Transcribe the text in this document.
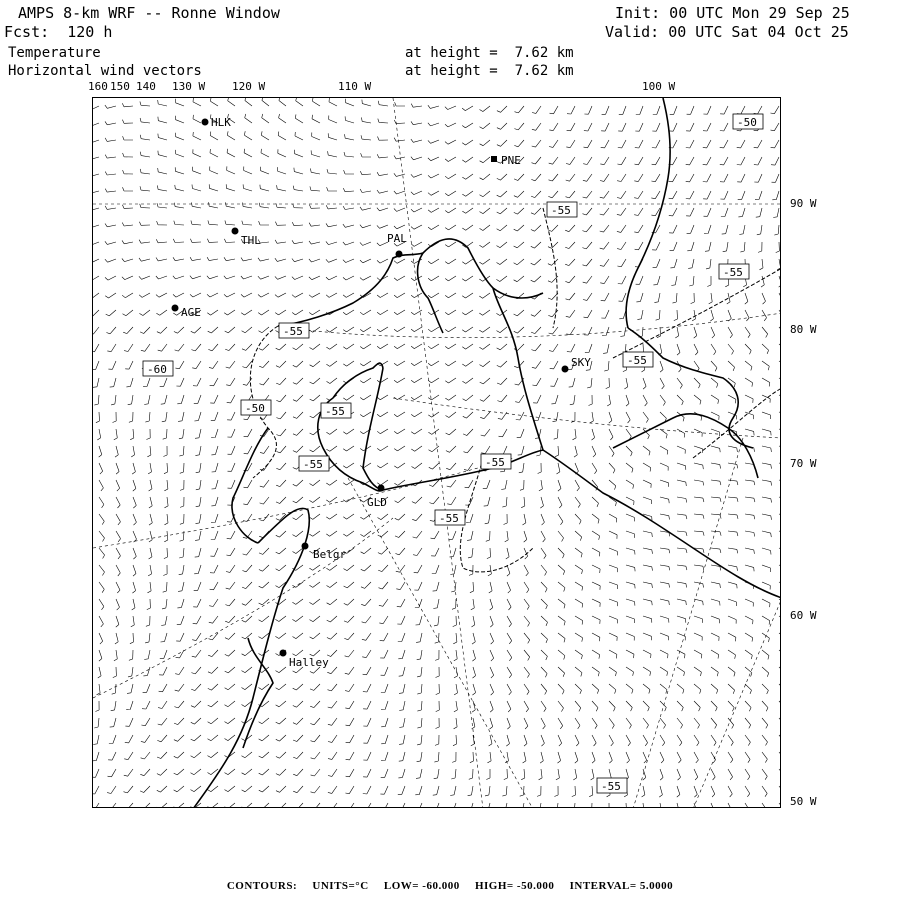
AMPS 8-km WRF -- Ronne Window
Fcst:  120 h
Temperature
Horizontal wind vectors
Init: 00 UTC Mon 29 Sep 25
Valid: 00 UTC Sat 04 Oct 25
at height =  7.62 km
at height =  7.62 km
160 150 140 130 W 120 W	110 W	100 W
90 W
80 W
70 W
60 W
50 W
HLK
PNE
THL	PAL
AGE
SKY
GLD
Belgr
Halley
-50
-55
-55
-55
-60
-55
-50	-55
-55	-55
-55
-55
CONTOURS: UNITS=°C LOW= -60.000 HIGH= -50.000 INTERVAL= 5.0000
